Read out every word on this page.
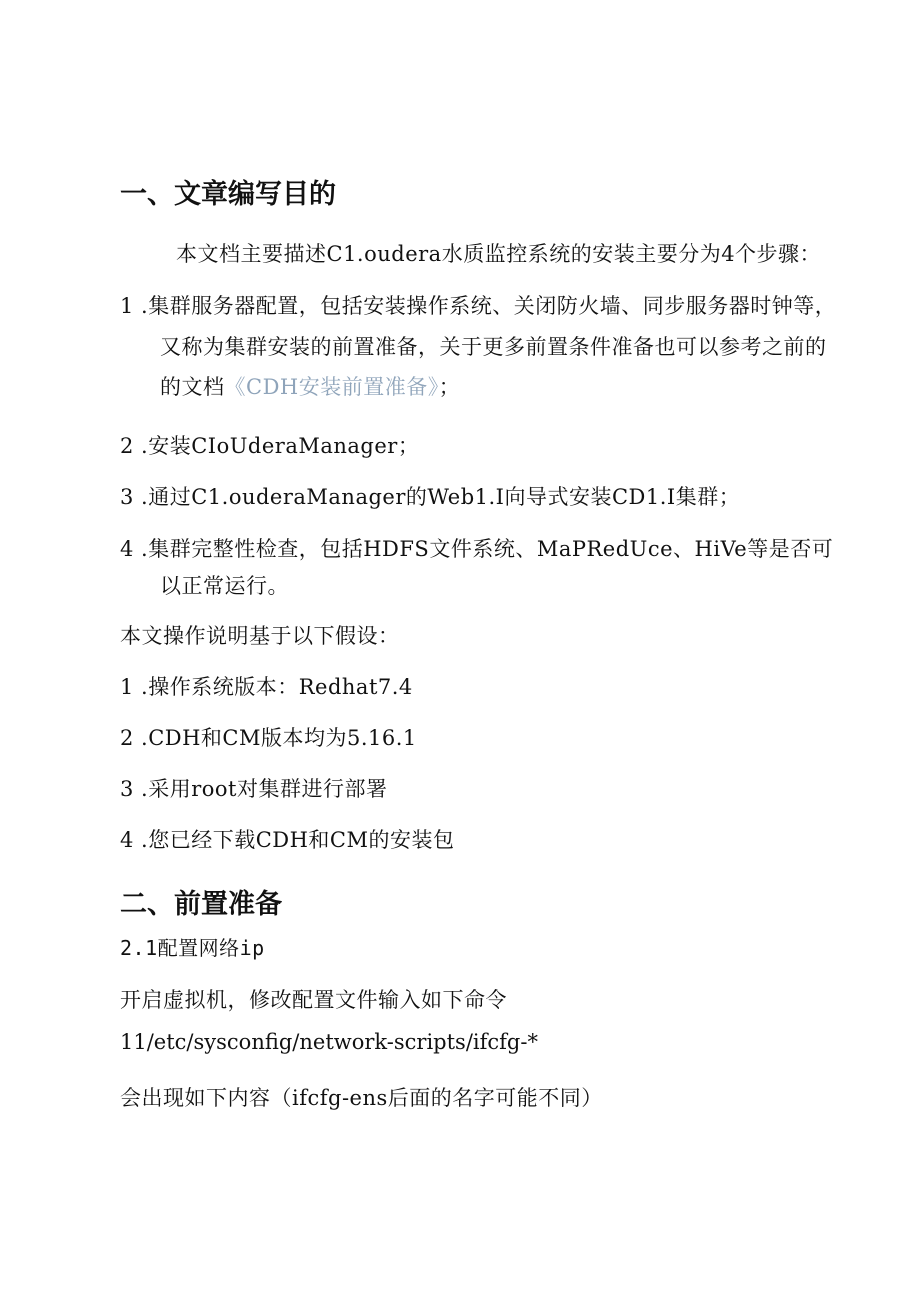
一、文章编写目的
本文档主要描述C1.oudera水质监控系统的安装主要分为4个步骤：
1 .集群服务器配置，包括安装操作系统、关闭防火墙、同步服务器时钟等，
又称为集群安装的前置准备，关于更多前置条件准备也可以参考之前的
的文档《CDH安装前置准备》；
2 .安装CIoUderaManager；
3 .通过C1.ouderaManager的Web1.I向导式安装CD1.I集群；
4 .集群完整性检查，包括HDFS文件系统、MaPRedUce、HiVe等是否可
以正常运行。
本文操作说明基于以下假设：
1 .操作系统版本：Redhat7.4
2 .CDH和CM版本均为5.16.1
3 .采用root对集群进行部署
4 .您已经下载CDH和CM的安装包
二、前置准备
2.1配置网络ip
开启虚拟机，修改配置文件输入如下命令
11/etc/sysconfig/network-scripts/ifcfg-*
会出现如下内容（ifcfg-ens后面的名字可能不同）
